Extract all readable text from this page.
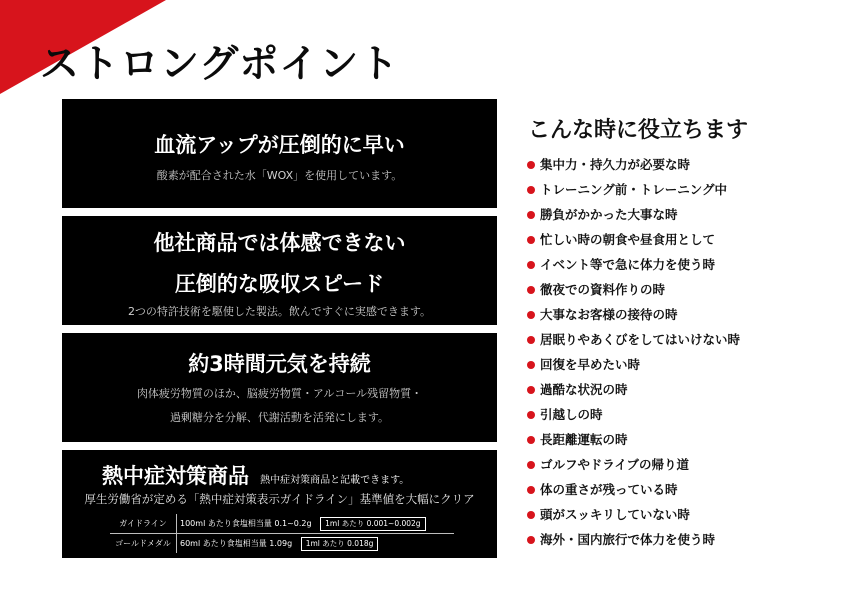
ストロングポイント
血流アップが圧倒的に早い
酸素が配合された水「WOX」を使用しています。
他社商品では体感できない
圧倒的な吸収スピード
2つの特許技術を駆使した製法。飲んですぐに実感できます。
約3時間元気を持続
肉体疲労物質のほか、脳疲労物質・アルコール残留物質・
過剰糖分を分解、代謝活動を活発にします。
熱中症対策商品 熱中症対策商品と記載できます。
厚生労働省が定める「熱中症対策表示ガイドライン」基準値を大幅にクリア
ガイドライン	100ml あたり食塩相当量 0.1~0.2g 1ml あたり 0.001~0.002g
ゴールドメダル	60ml あたり食塩相当量 1.09g 1ml あたり 0.018g
こんな時に役立ちます
集中力・持久力が必要な時
トレーニング前・トレーニング中
勝負がかかった大事な時
忙しい時の朝食や昼食用として
イベント等で急に体力を使う時
徹夜での資料作りの時
大事なお客様の接待の時
居眠りやあくびをしてはいけない時
回復を早めたい時
過酷な状況の時
引越しの時
長距離運転の時
ゴルフやドライブの帰り道
体の重さが残っている時
頭がスッキリしていない時
海外・国内旅行で体力を使う時
